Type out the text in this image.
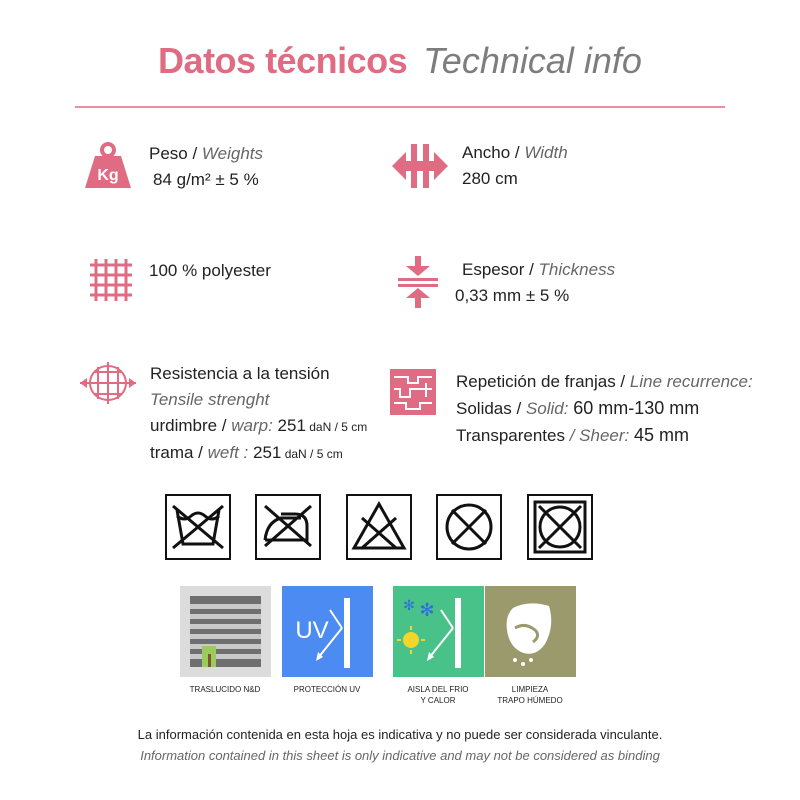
Datos técnicos Technical info
Kg
Peso / Weights
84 g/m² ± 5 %
Ancho / Width
280 cm
100 % polyester	Espesor / Thickness
0,33 mm ± 5 %
Resistencia a la tensión
Tensile strenght
urdimbre / warp: 251 daN / 5 cm
trama / weft : 251 daN / 5 cm
Repetición de franjas / Line recurrence:
Solidas / Solid: 60 mm-130 mm
Transparentes / Sheer: 45 mm
UV
✻ ✻
TRASLUCIDO N&D	PROTECCIÓN UV	AISLA DEL FRIO
Y CALOR
LIMPIEZA
TRAPO HÚMEDO
La información contenida en esta hoja es indicativa y no puede ser considerada vinculante.
Information contained in this sheet is only indicative and may not be considered as binding
